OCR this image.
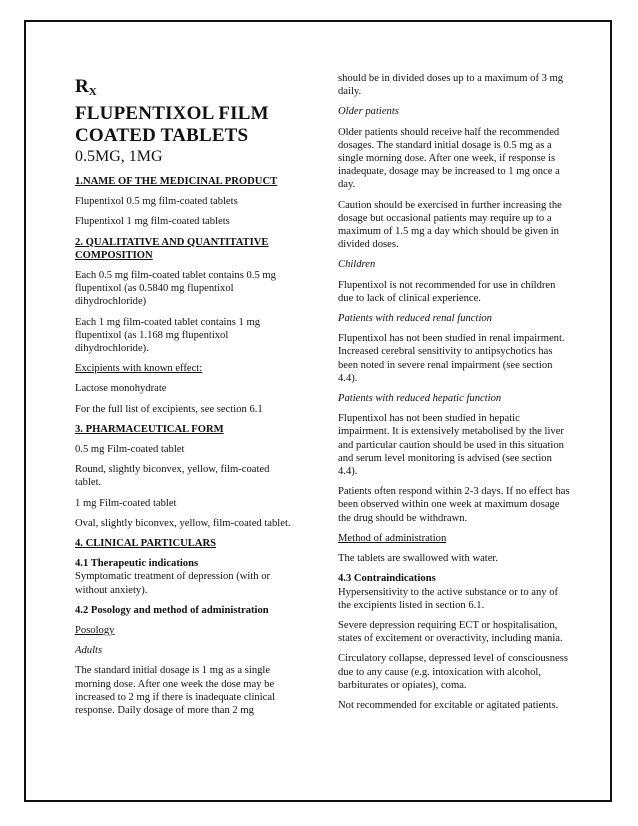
$R_X$

FLUPENTIXOL FILM

COATED TABLETS

0.5MG, 1MG

1.NAME OF THE MEDICINAL PRODUCT

Flupentixol 0.5 mg film-coated tablets

Flupentixol 1 mg film-coated tablets

2. QUALITATIVE AND QUANTITATIVE COMPOSITION

Each 0.5 mg film-coated tablet contains 0.5 mg flupentixol (as 0.5840 mg flupentixol dihydrochloride)

Each 1 mg film-coated tablet contains 1 mg flupentixol (as 1.168 mg flupentixol dihydrochloride).

Excipients with known effect:

Lactose monohydrate

For the full list of excipients, see section 6.1

3. PHARMACEUTICAL FORM

0.5 mg Film-coated tablet

Round, slightly biconvex, yellow, film-coated tablet.

1 mg Film-coated tablet

Oval, slightly biconvex, yellow, film-coated tablet.

4. CLINICAL PARTICULARS

4.1 Therapeutic indications
Symptomatic treatment of depression (with or without anxiety).

4.2 Posology and method of administration

Posology

Adults

The standard initial dosage is 1 mg as a single morning dose. After one week the dose may be increased to 2 mg if there is inadequate clinical response. Daily dosage of more than 2 mg

should be in divided doses up to a maximum of 3 mg daily.

Older patients

Older patients should receive half the recommended dosages. The standard initial dosage is 0.5 mg as a single morning dose. After one week, if response is inadequate, dosage may be increased to 1 mg once a day.

Caution should be exercised in further increasing the dosage but occasional patients may require up to a maximum of 1.5 mg a day which should be given in divided doses.

Children

Flupentixol is not recommended for use in children due to lack of clinical experience.

Patients with reduced renal function

Flupentixol has not been studied in renal impairment. Increased cerebral sensitivity to antipsychotics has been noted in severe renal impairment (see section 4.4).

Patients with reduced hepatic function

Flupentixol has not been studied in hepatic impairment. It is extensively metabolised by the liver and particular caution should be used in this situation and serum level monitoring is advised (see section 4.4).

Patients often respond within 2-3 days. If no effect has been observed within one week at maximum dosage the drug should be withdrawn.

Method of administration

The tablets are swallowed with water.

4.3 Contraindications
Hypersensitivity to the active substance or to any of the excipients listed in section 6.1.

Severe depression requiring ECT or hospitalisation, states of excitement or overactivity, including mania.

Circulatory collapse, depressed level of consciousness due to any cause (e.g. intoxication with alcohol, barbiturates or opiates), coma.

Not recommended for excitable or agitated patients.
